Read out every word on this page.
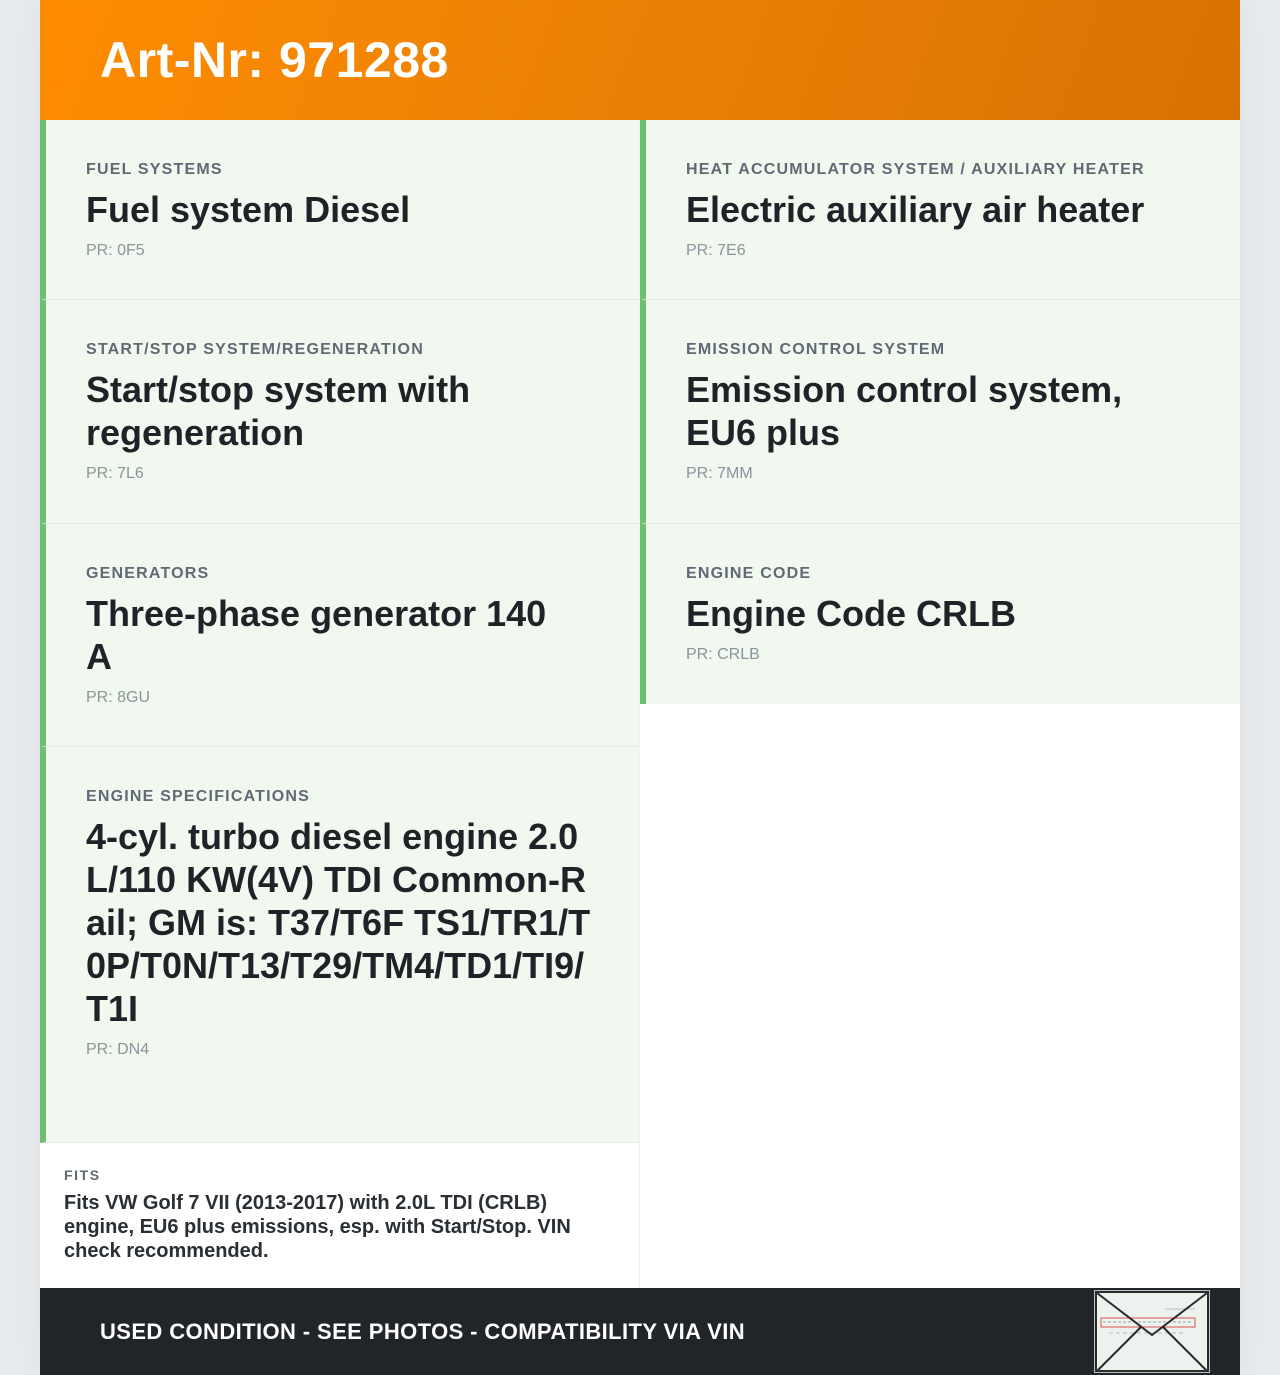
Art-Nr: 971288
FUEL SYSTEMS
Fuel system Diesel
PR: 0F5
START/STOP SYSTEM/REGENERATION
Start/stop system with regeneration
PR: 7L6
GENERATORS
Three-phase generator 140 A
PR: 8GU
ENGINE SPECIFICATIONS
4-cyl. turbo diesel engine 2.0 L/110 KW(4V) TDI Common-Rail; GM is: T37/T6F TS1/TR1/T0P/T0N/T13/T29/TM4/TD1/TI9/T1I
PR: DN4
FITS
Fits VW Golf 7 VII (2013-2017) with 2.0L TDI (CRLB) engine, EU6 plus emissions, esp. with Start/Stop. VIN check recommended.
HEAT ACCUMULATOR SYSTEM / AUXILIARY HEATER
Electric auxiliary air heater
PR: 7E6
EMISSION CONTROL SYSTEM
Emission control system, EU6 plus
PR: 7MM
ENGINE CODE
Engine Code CRLB
PR: CRLB
USED CONDITION - SEE PHOTOS - COMPATIBILITY VIA VIN
